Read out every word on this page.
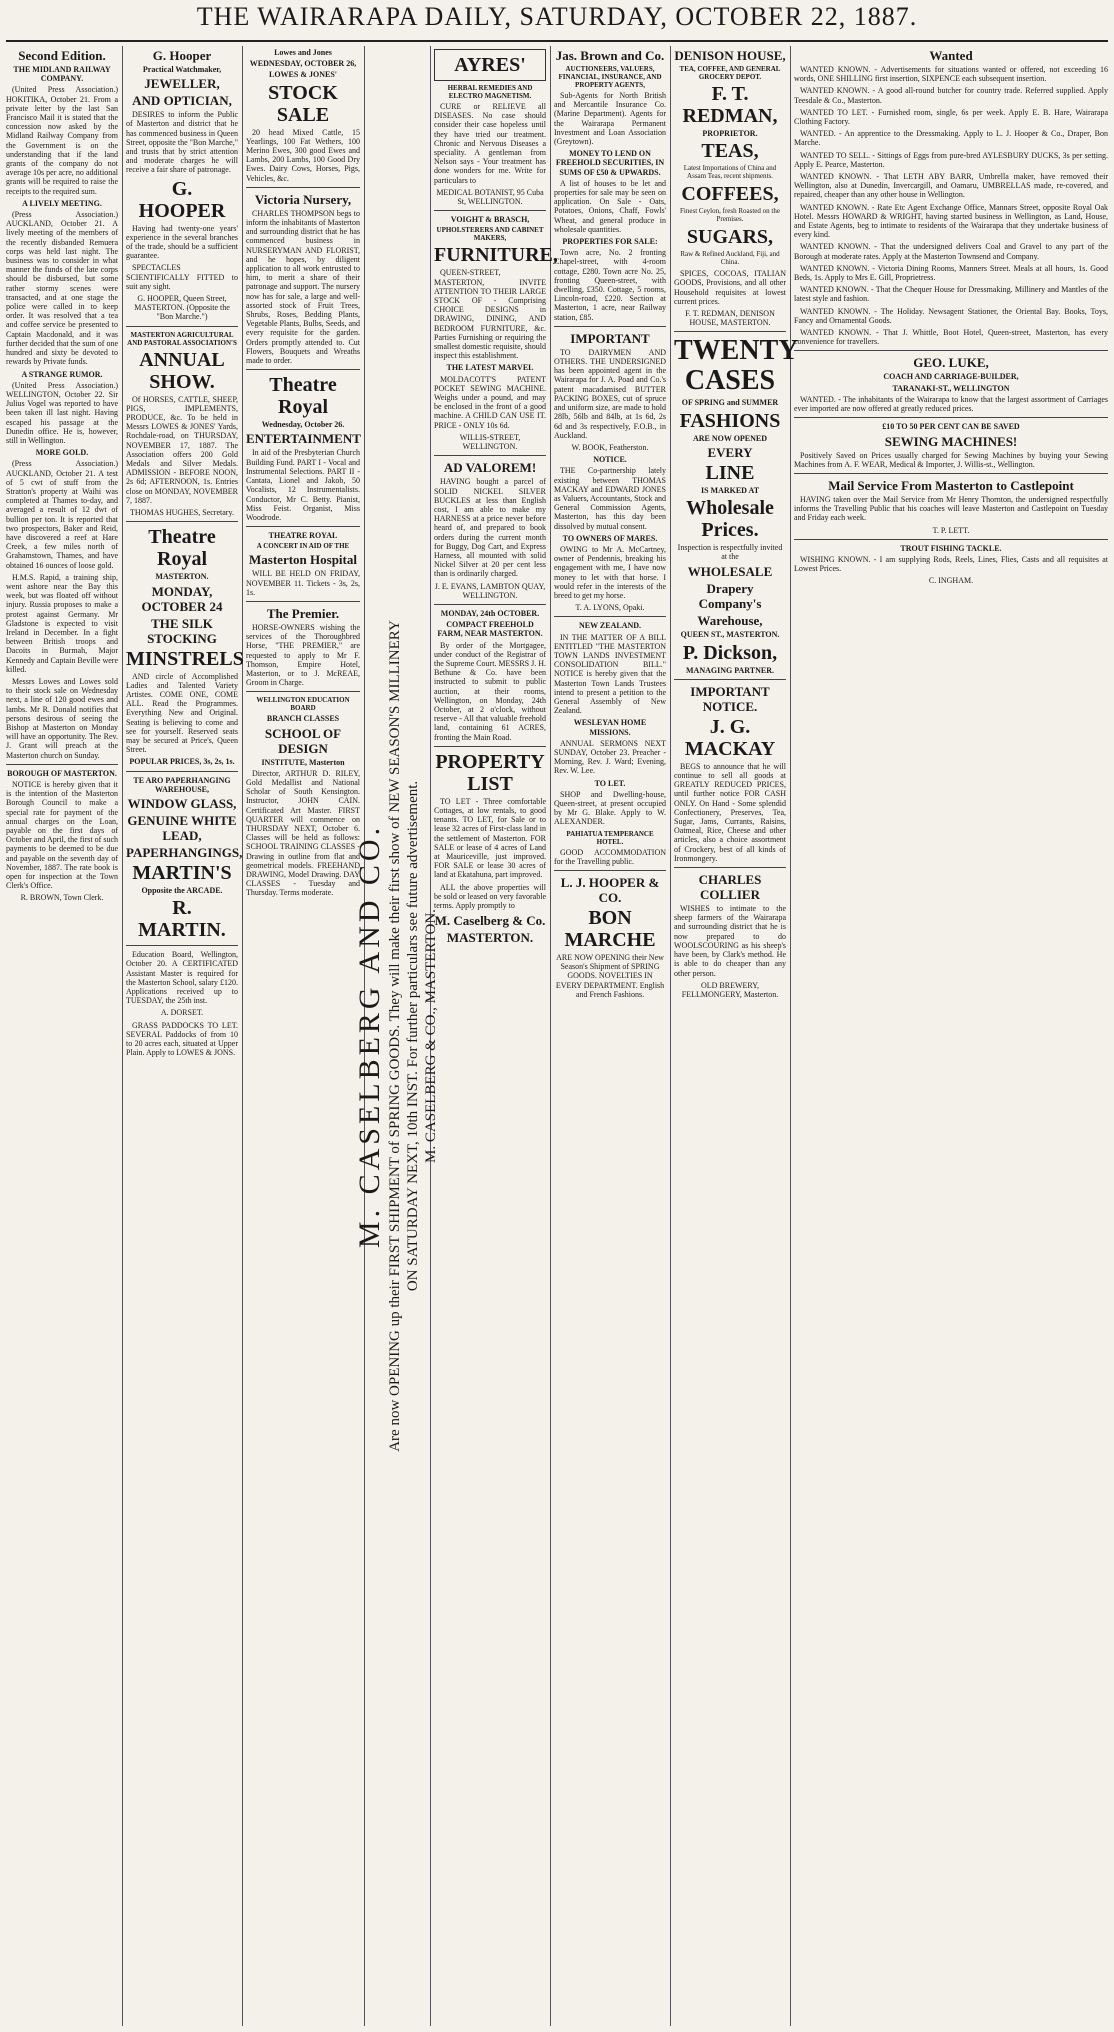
THE WAIRARAPA DAILY, SATURDAY, OCTOBER 22, 1887.
Second Edition.
THE MIDLAND RAILWAY COMPANY.

(United Press Association.) HOKITIKA, October 21. From a private letter by the last San Francisco Mail it is stated that the concession now asked by the Midland Railway Company from the Government is on the understanding that if the land grants of the company do not average 10s per acre, no additional grants will be required to raise the receipts to the required sum.

A LIVELY MEETING.

(Press Association.) AUCKLAND, October 21. A lively meeting of the members of the recently disbanded Remuera corps was held last night. The business was to consider in what manner the funds of the late corps should be disbursed, but some rather stormy scenes were transacted, and at one stage the police were called in to keep order. It was resolved that a tea and coffee service be presented to Captain Macdonald, and it was further decided that the sum of one hundred and sixty be devoted to rewards by Private funds.

A STRANGE RUMOR.

(United Press Association.) WELLINGTON, October 22. Sir Julius Vogel was reported to have been taken ill last night. Having escaped his passage at the Dunedin office. He is, however, still in Wellington.

MORE GOLD.

(Press Association.) AUCKLAND, October 21. A test of 5 cwt of stuff from the Stratton's property at Waihi was completed at Thames to-day, and averaged a result of 12 dwt of bullion per ton. It is reported that two prospectors, Baker and Reid, have discovered a reef at Hare Creek, a few miles north of Grahamstown, Thames, and have obtained 16 ounces of loose gold.

H.M.S. Rapid, a training ship, went ashore near the Bay this week, but was floated off without injury. Russia proposes to make a protest against Germany. Mr Gladstone is expected to visit Ireland in December. In a fight between British troops and Dacoits in Burmah, Major Kennedy and Captain Beville were killed.

Messrs Lowes and Lowes sold to their stock sale on Wednesday next, a line of 120 good ewes and lambs. Mr R. Donald notifies that persons desirous of seeing the Bishop at Masterton on Monday will have an opportunity. The Rev. J. Grant will preach at the Masterton church on Sunday.

BOROUGH OF MASTERTON.

NOTICE is hereby given that it is the intention of the Masterton Borough Council to make a special rate for payment of the annual charges on the Loan, payable on the first days of October and April, the first of such payments to be deemed to be due and payable on the seventh day of November, 1887. The rate book is open for inspection at the Town Clerk's Office.

R. BROWN, Town Clerk.

G. Hooper
Practical Watchmaker,
JEWELLER,
AND OPTICIAN,

DESIRES to inform the Public of Masterton and district that he has commenced business in Queen Street, opposite the "Bon Marche," and trusts that by strict attention and moderate charges he will receive a fair share of patronage.

G. HOOPER

Having had twenty-one years' experience in the several branches of the trade, should be a sufficient guarantee.

SPECTACLES SCIENTIFICALLY FITTED to suit any sight.

G. HOOPER, Queen Street, MASTERTON. (Opposite the "Bon Marche.")

MASTERTON AGRICULTURAL AND PASTORAL ASSOCIATION'S
ANNUAL SHOW.

Of HORSES, CATTLE, SHEEP, PIGS, IMPLEMENTS, PRODUCE, &c. To be held in Messrs LOWES & JONES' Yards, Rochdale-road, on THURSDAY, NOVEMBER 17, 1887. The Association offers 200 Gold Medals and Silver Medals. ADMISSION - BEFORE NOON, 2s 6d; AFTERNOON, 1s. Entries close on MONDAY, NOVEMBER 7, 1887.

THOMAS HUGHES, Secretary.

Theatre Royal
MASTERTON.
MONDAY, OCTOBER 24
THE SILK STOCKING
MINSTRELS

AND circle of Accomplished Ladies and Talented Variety Artistes. COME ONE, COME ALL. Read the Programmes. Everything New and Original. Seating is believing to come and see for yourself. Reserved seats may be secured at Price's, Queen Street.

POPULAR PRICES, 3s, 2s, 1s.
TE ARO PAPERHANGING WAREHOUSE,
WINDOW GLASS,
GENUINE WHITE LEAD,
PAPERHANGINGS,
MARTIN'S
Opposite the ARCADE.
R. MARTIN.

Education Board, Wellington, October 20. A CERTIFICATED Assistant Master is required for the Masterton School, salary £120. Applications received up to TUESDAY, the 25th inst.

A. DORSET.

GRASS PADDOCKS TO LET. SEVERAL Paddocks of from 10 to 20 acres each, situated at Upper Plain. Apply to LOWES & JONS.

Lowes and Jones
WEDNESDAY, OCTOBER 26,
LOWES & JONES'
STOCK SALE

20 head Mixed Cattle, 15 Yearlings, 100 Fat Wethers, 100 Merino Ewes, 300 good Ewes and Lambs, 200 Lambs, 100 Good Dry Ewes. Dairy Cows, Horses, Pigs, Vehicles, &c.

Victoria Nursery,

CHARLES THOMPSON begs to inform the inhabitants of Masterton and surrounding district that he has commenced business in NURSERYMAN AND FLORIST, and he hopes, by diligent application to all work entrusted to him, to merit a share of their patronage and support. The nursery now has for sale, a large and well-assorted stock of Fruit Trees, Shrubs, Roses, Bedding Plants, Vegetable Plants, Bulbs, Seeds, and every requisite for the garden. Orders promptly attended to. Cut Flowers, Bouquets and Wreaths made to order.

Theatre Royal
Wednesday, October 26.
ENTERTAINMENT

In aid of the Presbyterian Church Building Fund. PART I - Vocal and Instrumental Selections. PART II - Cantata, Lionel and Jakob, 50 Vocalists, 12 Instrumentalists. Conductor, Mr C. Betty. Pianist, Miss Feist. Organist, Miss Woodrode.

THEATRE ROYAL
A CONCERT IN AID OF THE
Masterton Hospital

WILL BE HELD ON FRIDAY, NOVEMBER 11. Tickets - 3s, 2s, 1s.

The Premier.

HORSE-OWNERS wishing the services of the Thoroughbred Horse, "THE PREMIER," are requested to apply to Mr F. Thomson, Empire Hotel, Masterton, or to J. McREAE, Groom in Charge.

WELLINGTON EDUCATION BOARD
BRANCH CLASSES
SCHOOL OF DESIGN
INSTITUTE, Masterton

Director, ARTHUR D. RILEY, Gold Medallist and National Scholar of South Kensington. Instructor, JOHN CAIN. Certificated Art Master. FIRST QUARTER will commence on THURSDAY NEXT, October 6. Classes will be held as follows: SCHOOL TRAINING CLASSES - Drawing in outline from flat and geometrical models. FREEHAND DRAWING, Model Drawing. DAY CLASSES - Tuesday and Thursday. Terms moderate. M. CASELBERG AND CO. Are now OPENING up their FIRST SHIPMENT of SPRING GOODS. They will make their first show of NEW SEASON'S MILLINERY ON SATURDAY NEXT, 10th INST. For further particulars see future advertisement. M. CASELBERG & CO., MASTERTON.
AYRES'
HERBAL REMEDIES AND ELECTRO MAGNETISM.

CURE or RELIEVE all DISEASES. No case should consider their case hopeless until they have tried our treatment. Chronic and Nervous Diseases a speciality. A gentleman from Nelson says - Your treatment has done wonders for me. Write for particulars to

MEDICAL BOTANIST, 95 Cuba St, WELLINGTON.

VOIGHT & BRASCH,
UPHOLSTERERS AND CABINET MAKERS,
FURNITURE,

QUEEN-STREET, MASTERTON, INVITE ATTENTION TO THEIR LARGE STOCK OF - Comprising CHOICE DESIGNS in DRAWING, DINING, AND BEDROOM FURNITURE, &c. Parties Furnishing or requiring the smallest domestic requisite, should inspect this establishment.

THE LATEST MARVEL

MOLDACOTT'S PATENT POCKET SEWING MACHINE. Weighs under a pound, and may be enclosed in the front of a good machine. A CHILD CAN USE IT. PRICE - ONLY 10s 6d.

WILLIS-STREET, WELLINGTON.

AD VALOREM!

HAVING bought a parcel of SOLID NICKEL SILVER BUCKLES at less than English cost, I am able to make my HARNESS at a price never before heard of, and prepared to book orders during the current month for Buggy, Dog Cart, and Express Harness, all mounted with solid Nickel Silver at 20 per cent less than is ordinarily charged.

J. E. EVANS, LAMBTON QUAY, WELLINGTON.

MONDAY, 24th OCTOBER.
COMPACT FREEHOLD FARM, NEAR MASTERTON.

By order of the Mortgagee, under conduct of the Registrar of the Supreme Court. MESSRS J. H. Bethune & Co. have been instructed to submit to public auction, at their rooms, Wellington, on Monday, 24th October, at 2 o'clock, without reserve - All that valuable freehold land, containing 61 ACRES, fronting the Main Road.

PROPERTY LIST

TO LET - Three comfortable Cottages, at low rentals, to good tenants. TO LET, for Sale or to lease 32 acres of First-class land in the settlement of Masterton. FOR SALE or lease of 4 acres of Land at Mauriceville, just improved. FOR SALE or lease 30 acres of land at Ekatahuna, part improved.

ALL the above properties will be sold or leased on very favorable terms. Apply promptly to

M. Caselberg & Co.
MASTERTON.
Jas. Brown and Co.
AUCTIONEERS, VALUERS, FINANCIAL, INSURANCE, AND PROPERTY AGENTS,

Sub-Agents for North British and Mercantile Insurance Co. (Marine Department). Agents for the Wairarapa Permanent Investment and Loan Association (Greytown).

MONEY TO LEND ON FREEHOLD SECURITIES, IN SUMS OF £50 & UPWARDS.

A list of houses to be let and properties for sale may be seen on application. On Sale - Oats, Potatoes, Onions, Chaff, Fowls' Wheat, and general produce in wholesale quantities.

PROPERTIES FOR SALE:

Town acre, No. 2 fronting Chapel-street, with 4-room cottage, £280. Town acre No. 25, fronting Queen-street, with dwelling, £350. Cottage, 5 rooms, Lincoln-road, £220. Section at Masterton, 1 acre, near Railway station, £85.

IMPORTANT

TO DAIRYMEN AND OTHERS. THE UNDERSIGNED has been appointed agent in the Wairarapa for J. A. Poad and Co.'s patent macadamised BUTTER PACKING BOXES, cut of spruce and uniform size, are made to hold 28lb, 56lb and 84lb, at 1s 6d, 2s 6d and 3s respectively, F.O.B., in Auckland.

W. BOOK, Featherston.

NOTICE.

THE Co-partnership lately existing between THOMAS MACKAY and EDWARD JONES as Valuers, Accountants, Stock and General Commission Agents, Masterton, has this day been dissolved by mutual consent.

TO OWNERS OF MARES.

OWING to Mr A. McCartney, owner of Pendennis, breaking his engagement with me, I have now money to let with that horse. I would refer in the interests of the breed to get my horse.

T. A. LYONS, Opaki.

NEW ZEALAND.

IN THE MATTER OF A BILL ENTITLED "THE MASTERTON TOWN LANDS INVESTMENT CONSOLIDATION BILL." NOTICE is hereby given that the Masterton Town Lands Trustees intend to present a petition to the General Assembly of New Zealand.

WESLEYAN HOME MISSIONS.

ANNUAL SERMONS NEXT SUNDAY, October 23. Preacher - Morning, Rev. J. Ward; Evening, Rev. W. Lee.

TO LET.

SHOP and Dwelling-house, Queen-street, at present occupied by Mr G. Blake. Apply to W. ALEXANDER.

PAHIATUA TEMPERANCE HOTEL.

GOOD ACCOMMODATION for the Travelling public.

L. J. HOOPER & CO.
BON MARCHE

ARE NOW OPENING their New Season's Shipment of SPRING GOODS. NOVELTIES IN EVERY DEPARTMENT. English and French Fashions.

DENISON HOUSE,
TEA, COFFEE, AND GENERAL GROCERY DEPOT.
F. T. REDMAN,
PROPRIETOR.
TEAS,

Latest Importations of China and Assam Teas, recent shipments.

COFFEES,

Finest Ceylon, fresh Roasted on the Premises.

SUGARS,

Raw & Refined Auckland, Fiji, and China.

SPICES, COCOAS, ITALIAN GOODS, Provisions, and all other Household requisites at lowest current prices.

F. T. REDMAN, DENISON HOUSE, MASTERTON.

TWENTY CASES
OF SPRING and SUMMER
FASHIONS
ARE NOW OPENED
EVERY
LINE
IS MARKED AT
Wholesale Prices.

Inspection is respectfully invited at the

WHOLESALE
Drapery Company's
Warehouse,
QUEEN ST., MASTERTON.
P. Dickson,
MANAGING PARTNER.
IMPORTANT NOTICE.
J. G. MACKAY

BEGS to announce that he will continue to sell all goods at GREATLY REDUCED PRICES, until further notice FOR CASH ONLY. On Hand - Some splendid Confectionery, Preserves, Tea, Sugar, Jams, Currants, Raisins, Oatmeal, Rice, Cheese and other articles, also a choice assortment of Crockery, best of all kinds of Ironmongery.

CHARLES COLLIER

WISHES to intimate to the sheep farmers of the Wairarapa and surrounding district that he is now prepared to do WOOLSCOURING as his sheep's have been, by Clark's method. He is able to do cheaper than any other person.

OLD BREWERY, FELLMONGERY, Masterton.

Wanted

WANTED KNOWN. - Advertisements for situations wanted or offered, not exceeding 16 words, ONE SHILLING first insertion, SIXPENCE each subsequent insertion.

WANTED KNOWN. - A good all-round butcher for country trade. Referred supplied. Apply Teesdale & Co., Masterton.

WANTED TO LET. - Furnished room, single, 6s per week. Apply E. B. Hare, Wairarapa Clothing Factory.

WANTED. - An apprentice to the Dressmaking. Apply to L. J. Hooper & Co., Draper, Bon Marche.

WANTED TO SELL. - Sittings of Eggs from pure-bred AYLESBURY DUCKS, 3s per setting. Apply E. Pearce, Masterton.

WANTED KNOWN. - That LETH ABY BARR, Umbrella maker, have removed their Wellington, also at Dunedin, Invercargill, and Oamaru, UMBRELLAS made, re-covered, and repaired, cheaper than any other house in Wellington.

WANTED KNOWN. - Rate Etc Agent Exchange Office, Mannars Street, opposite Royal Oak Hotel. Messrs HOWARD & WRIGHT, having started business in Wellington, as Land, House, and Estate Agents, beg to intimate to residents of the Wairarapa that they undertake business of every kind.

WANTED KNOWN. - That the undersigned delivers Coal and Gravel to any part of the Borough at moderate rates. Apply at the Masterton Townsend and Company.

WANTED KNOWN. - Victoria Dining Rooms, Manners Street. Meals at all hours, 1s. Good Beds, 1s. Apply to Mrs E. Gill, Proprietress.

WANTED KNOWN. - That the Chequer House for Dressmaking. Millinery and Mantles of the latest style and fashion.

WANTED KNOWN. - The Holiday. Newsagent Stationer, the Oriental Bay. Books, Toys, Fancy and Ornamental Goods.

WANTED KNOWN. - That J. Whittle, Boot Hotel, Queen-street, Masterton, has every convenience for travellers.

GEO. LUKE,
COACH AND CARRIAGE-BUILDER,
TARANAKI-ST., WELLINGTON

WANTED. - The inhabitants of the Wairarapa to know that the largest assortment of Carriages ever imported are now offered at greatly reduced prices.

£10 TO 50 PER CENT CAN BE SAVED
SEWING MACHINES!

Positively Saved on Prices usually charged for Sewing Machines by buying your Sewing Machines from A. F. WEAR, Medical & Importer, J. Willis-st., Wellington.

Mail Service From Masterton to Castlepoint

HAVING taken over the Mail Service from Mr Henry Thornton, the undersigned respectfully informs the Travelling Public that his coaches will leave Masterton and Castlepoint on Tuesday and Friday each week.

T. P. LETT.

TROUT FISHING TACKLE.

WISHING KNOWN. - I am supplying Rods, Reels, Lines, Flies, Casts and all requisites at Lowest Prices.

C. INGHAM.
